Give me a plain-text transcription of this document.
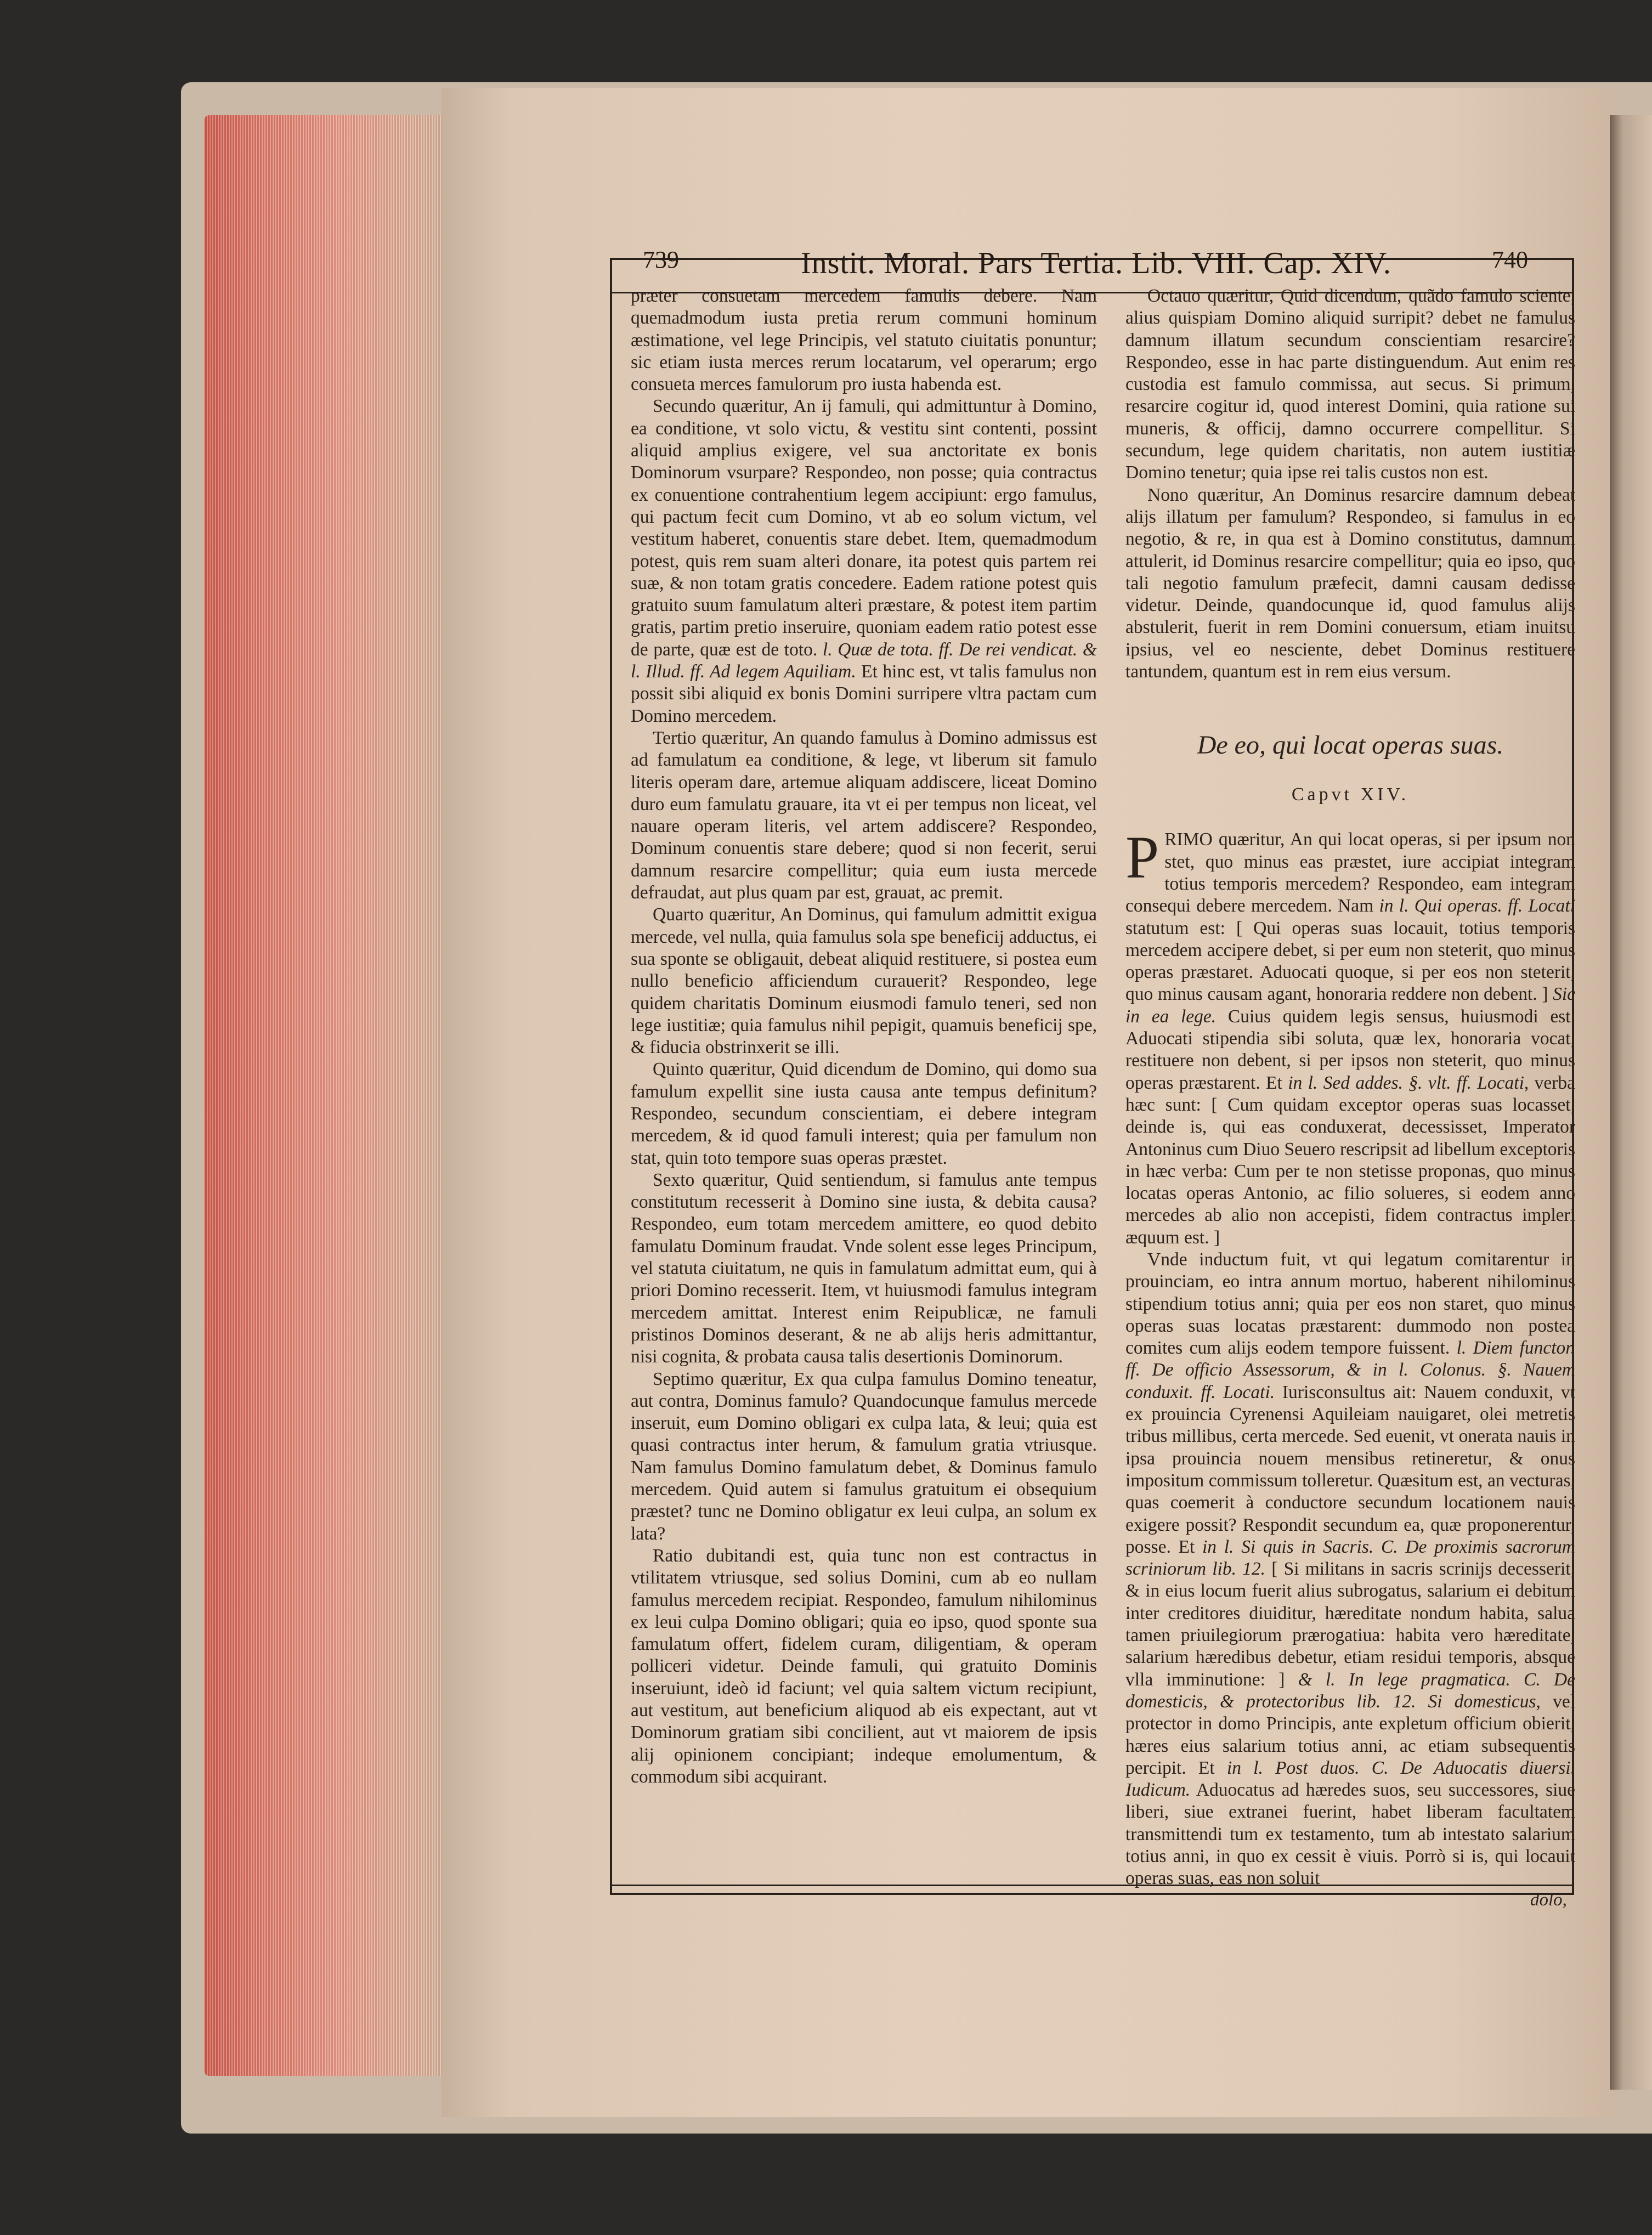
739	Instit. Moral. Pars Tertia. Lib. VIII. Cap. XIV.	740

præter consuetam mercedem famulis debere. Nam quemadmodum iusta pretia rerum communi hominum æstimatione, vel lege Principis, vel statuto ciuitatis ponuntur; sic etiam iusta merces rerum locatarum, vel operarum; ergo consueta merces famulorum pro iusta habenda est.

Secundo quæritur, An ij famuli, qui admittuntur à Domino, ea conditione, vt solo victu, & vestitu sint contenti, possint aliquid amplius exigere, vel sua anctoritate ex bonis Dominorum vsurpare? Respondeo, non posse; quia contractus ex conuentione contrahentium legem accipiunt: ergo famulus, qui pactum fecit cum Domino, vt ab eo solum victum, vel vestitum haberet, conuentis stare debet. Item, quemadmodum potest, quis rem suam alteri donare, ita potest quis partem rei suæ, & non totam gratis concedere. Eadem ratione potest quis gratuito suum famulatum alteri præstare, & potest item partim gratis, partim pretio inseruire, quoniam eadem ratio potest esse de parte, quæ est de toto. l. Quæ de tota. ff. De rei vendicat. & l. Illud. ff. Ad legem Aquiliam. Et hinc est, vt talis famulus non possit sibi aliquid ex bonis Domini surripere vltra pactam cum Domino mercedem.

Tertio quæritur, An quando famulus à Domino admissus est ad famulatum ea conditione, & lege, vt liberum sit famulo literis operam dare, artemue aliquam addiscere, liceat Domino duro eum famulatu grauare, ita vt ei per tempus non liceat, vel nauare operam literis, vel artem addiscere? Respondeo, Dominum conuentis stare debere; quod si non fecerit, serui damnum resarcire compellitur; quia eum iusta mercede defraudat, aut plus quam par est, grauat, ac premit.

Quarto quæritur, An Dominus, qui famulum admittit exigua mercede, vel nulla, quia famulus sola spe beneficij adductus, ei sua sponte se obligauit, debeat aliquid restituere, si postea eum nullo beneficio afficiendum curauerit? Respondeo, lege quidem charitatis Dominum eiusmodi famulo teneri, sed non lege iustitiæ; quia famulus nihil pepigit, quamuis beneficij spe, & fiducia obstrinxerit se illi.

Quinto quæritur, Quid dicendum de Domino, qui domo sua famulum expellit sine iusta causa ante tempus definitum? Respondeo, secundum conscientiam, ei debere integram mercedem, & id quod famuli interest; quia per famulum non stat, quin toto tempore suas operas præstet.

Sexto quæritur, Quid sentiendum, si famulus ante tempus constitutum recesserit à Domino sine iusta, & debita causa? Respondeo, eum totam mercedem amittere, eo quod debito famulatu Dominum fraudat. Vnde solent esse leges Principum, vel statuta ciuitatum, ne quis in famulatum admittat eum, qui à priori Domino recesserit. Item, vt huiusmodi famulus integram mercedem amittat. Interest enim Reipublicæ, ne famuli pristinos Dominos deserant, & ne ab alijs heris admittantur, nisi cognita, & probata causa talis desertionis Dominorum.

Septimo quæritur, Ex qua culpa famulus Domino teneatur, aut contra, Dominus famulo? Quandocunque famulus mercede inseruit, eum Domino obligari ex culpa lata, & leui; quia est quasi contractus inter herum, & famulum gratia vtriusque. Nam famulus Domino famulatum debet, & Dominus famulo mercedem. Quid autem si famulus gratuitum ei obsequium præstet? tunc ne Domino obligatur ex leui culpa, an solum ex lata?

Ratio dubitandi est, quia tunc non est contractus in vtilitatem vtriusque, sed solius Domini, cum ab eo nullam famulus mercedem recipiat. Respondeo, famulum nihilominus ex leui culpa Domino obligari; quia eo ipso, quod sponte sua famulatum offert, fidelem curam, diligentiam, & operam polliceri videtur. Deinde famuli, qui gratuito Dominis inseruiunt, ideò id faciunt; vel quia saltem victum recipiunt, aut vestitum, aut beneficium aliquod ab eis expectant, aut vt Dominorum gratiam sibi concilient, aut vt maiorem de ipsis alij opinionem concipiant; indeque emolumentum, & commodum sibi acquirant.

Octauo quæritur, Quid dicendum, quãdo famulo sciente, alius quispiam Domino aliquid surripit? debet ne famulus damnum illatum secundum conscientiam resarcire? Respondeo, esse in hac parte distinguendum. Aut enim res custodia est famulo commissa, aut secus. Si primum, resarcire cogitur id, quod interest Domini, quia ratione sui muneris, & officij, damno occurrere compellitur. Si secundum, lege quidem charitatis, non autem iustitiæ Domino tenetur; quia ipse rei talis custos non est.

Nono quæritur, An Dominus resarcire damnum debeat alijs illatum per famulum? Respondeo, si famulus in eo negotio, & re, in qua est à Domino constitutus, damnum attulerit, id Dominus resarcire compellitur; quia eo ipso, quo tali negotio famulum præfecit, damni causam dedisse videtur. Deinde, quandocunque id, quod famulus alijs abstulerit, fuerit in rem Domini conuersum, etiam inuitsu ipsius, vel eo nesciente, debet Dominus restituere tantundem, quantum est in rem eius versum.

De eo, qui locat operas suas.
Capvt XIV.

PRIMO quæritur, An qui locat operas, si per ipsum non stet, quo minus eas præstet, iure accipiat integram totius temporis mercedem? Respondeo, eam integram consequi debere mercedem. Nam in l. Qui operas. ff. Locati statutum est: [ Qui operas suas locauit, totius temporis mercedem accipere debet, si per eum non steterit, quo minus operas præstaret. Aduocati quoque, si per eos non steterit, quo minus causam agant, honoraria reddere non debent. ] Sic in ea lege. Cuius quidem legis sensus, huiusmodi est. Aduocati stipendia sibi soluta, quæ lex, honoraria vocat, restituere non debent, si per ipsos non steterit, quo minus operas præstarent. Et in l. Sed addes. §. vlt. ff. Locati, verba hæc sunt: [ Cum quidam exceptor operas suas locasset, deinde is, qui eas conduxerat, decessisset, Imperator Antoninus cum Diuo Seuero rescripsit ad libellum exceptoris in hæc verba: Cum per te non stetisse proponas, quo minus locatas operas Antonio, ac filio solueres, si eodem anno mercedes ab alio non accepisti, fidem contractus impleri æquum est. ]

Vnde inductum fuit, vt qui legatum comitarentur in prouinciam, eo intra annum mortuo, haberent nihilominus stipendium totius anni; quia per eos non staret, quo minus operas suas locatas præstarent: dummodo non postea comites cum alijs eodem tempore fuissent. l. Diem functor. ff. De officio Assessorum, & in l. Colonus. §. Nauem conduxit. ff. Locati. Iurisconsultus ait: Nauem conduxit, vt ex prouincia Cyrenensi Aquileiam nauigaret, olei metretis tribus millibus, certa mercede. Sed euenit, vt onerata nauis in ipsa prouincia nouem mensibus retineretur, & onus impositum commissum tolleretur. Quæsitum est, an vecturas, quas coemerit à conductore secundum locationem nauis exigere possit? Respondit secundum ea, quæ proponerentur, posse. Et in l. Si quis in Sacris. C. De proximis sacrorum scriniorum lib. 12. [ Si militans in sacris scrinijs decesserit, & in eius locum fuerit alius subrogatus, salarium ei debitum inter creditores diuiditur, hæreditate nondum habita, salua tamen priuilegiorum prærogatiua: habita vero hæreditate, salarium hæredibus debetur, etiam residui temporis, absque vlla imminutione: ] & l. In lege pragmatica. C. De domesticis, & protectoribus lib. 12. Si domesticus, vel protector in domo Principis, ante expletum officium obierit, hæres eius salarium totius anni, ac etiam subsequentis percipit. Et in l. Post duos. C. De Aduocatis diuersi. Iudicum. Aduocatus ad hæredes suos, seu successores, siue liberi, siue extranei fuerint, habet liberam facultatem transmittendi tum ex testamento, tum ab intestato salarium totius anni, in quo ex cessit è viuis. Porrò si is, qui locauit operas suas, eas non soluit

dolo,
